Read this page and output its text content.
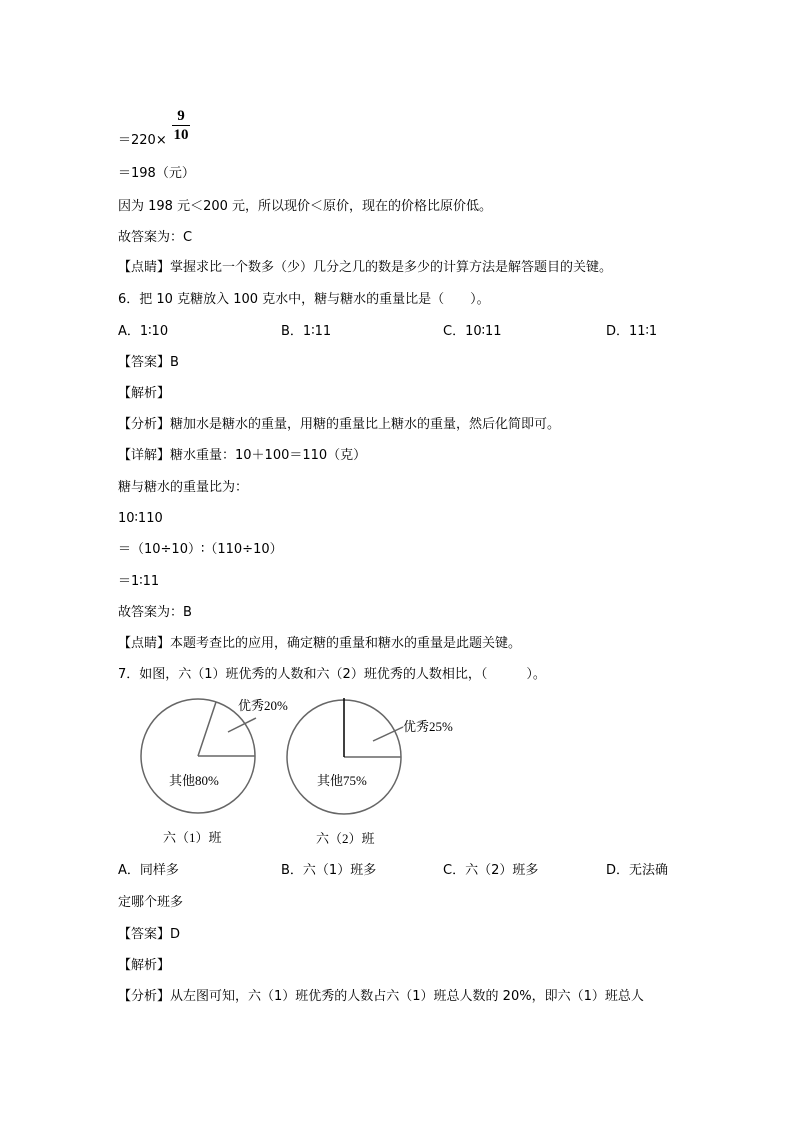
＝220×
9
10
＝198（元）
因为 198 元＜200 元，所以现价＜原价，现在的价格比原价低。
故答案为：C
【点睛】掌握求比一个数多（少）几分之几的数是多少的计算方法是解答题目的关键。
6．把 10 克糖放入 100 克水中，糖与糖水的重量比是（　　）。
A．1∶10	B．1∶11	C．10∶11	D．11∶1
【答案】B
【解析】
【分析】糖加水是糖水的重量，用糖的重量比上糖水的重量，然后化简即可。
【详解】糖水重量：10＋100＝110（克）
糖与糖水的重量比为：
10∶110
＝（10÷10）∶（110÷10）
＝1∶11
故答案为：B
【点睛】本题考查比的应用，确定糖的重量和糖水的重量是此题关键。
7．如图，六（1）班优秀的人数和六（2）班优秀的人数相比，（　　　）。
优秀20%
其他80%
六（1）班
优秀25%
其他75%
六（2）班
A．同样多	B．六（1）班多	C．六（2）班多	D．无法确
定哪个班多
【答案】D
【解析】
【分析】从左图可知，六（1）班优秀的人数占六（1）班总人数的 20%，即六（1）班总人
